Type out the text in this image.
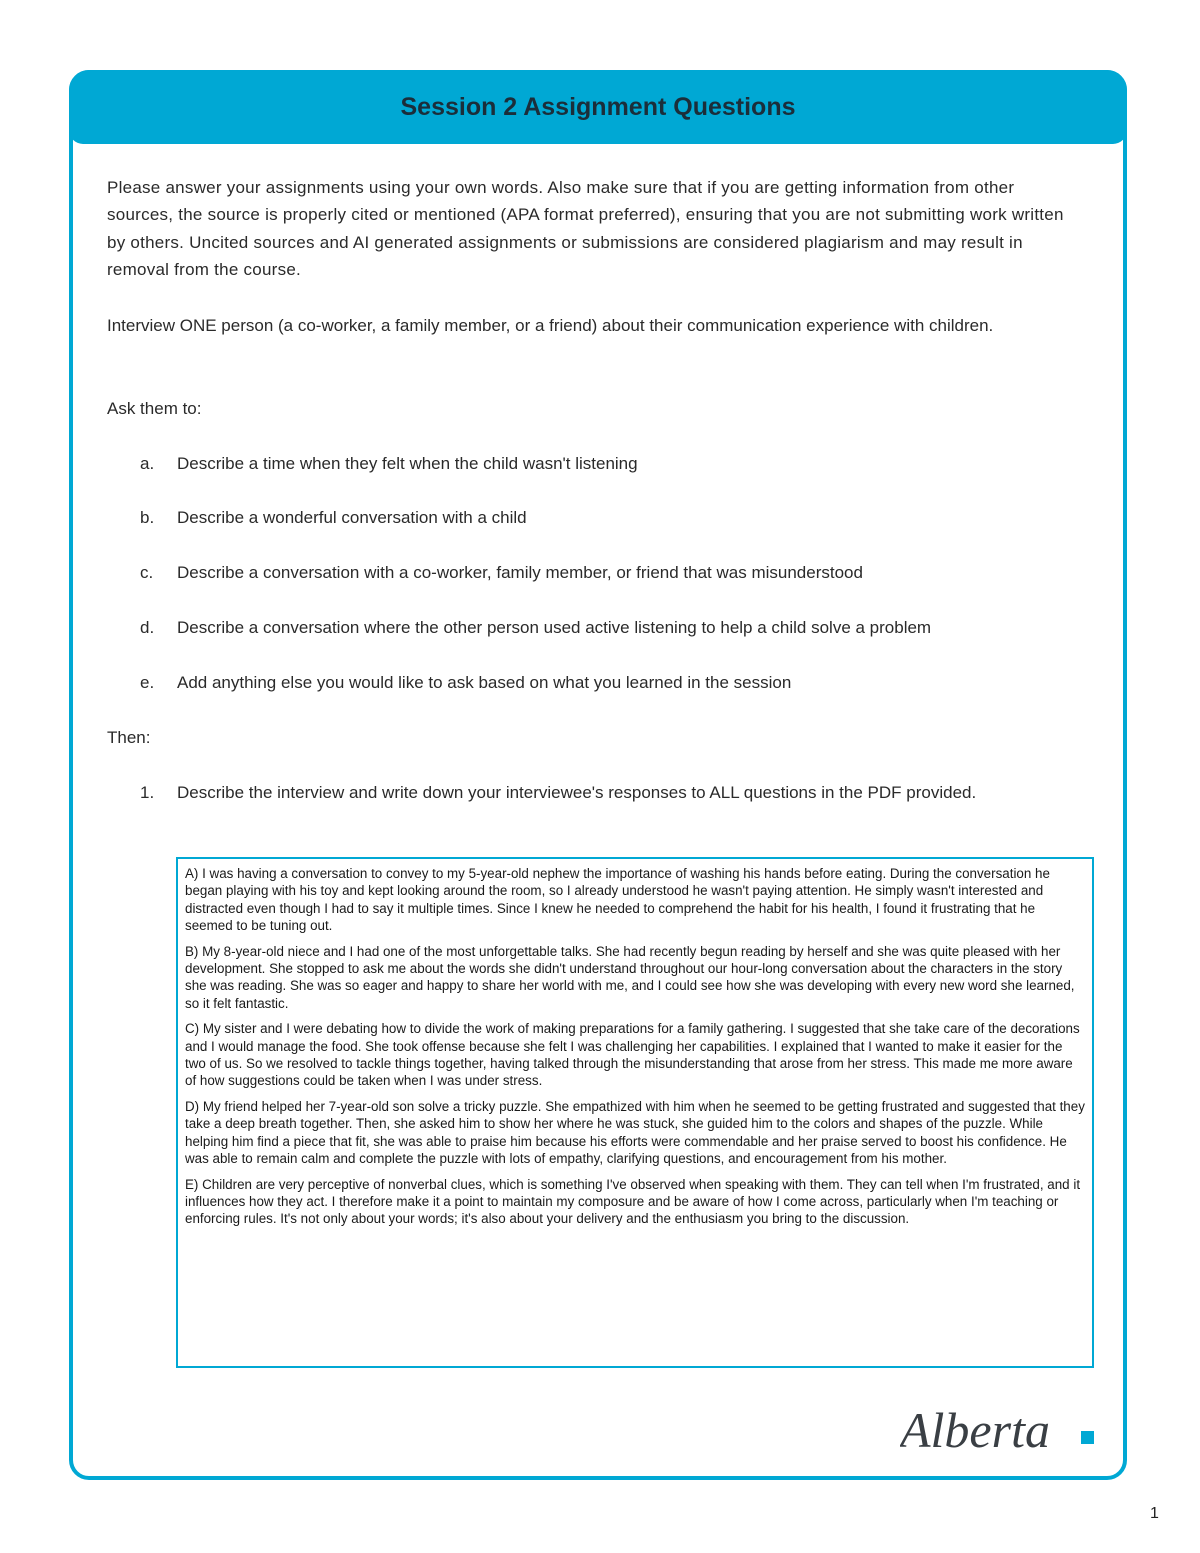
Session 2 Assignment Questions
Please answer your assignments using your own words. Also make sure that if you are getting information from other sources, the source is properly cited or mentioned (APA format preferred), ensuring that you are not submitting work written by others. Uncited sources and AI generated assignments or submissions are considered plagiarism and may result in removal from the course.
Interview ONE person (a co-worker, a family member, or a friend) about their communication experience with children.
Ask them to:
a. Describe a time when they felt when the child wasn't listening
b. Describe a wonderful conversation with a child
c. Describe a conversation with a co-worker, family member, or friend that was misunderstood
d. Describe a conversation where the other person used active listening to help a child solve a problem
e. Add anything else you would like to ask based on what you learned in the session
Then:
1. Describe the interview and write down your interviewee's responses to ALL questions in the PDF provided.

A) I was having a conversation to convey to my 5-year-old nephew the importance of washing his hands before eating. During the conversation he began playing with his toy and kept looking around the room, so I already understood he wasn't paying attention. He simply wasn't interested and distracted even though I had to say it multiple times. Since I knew he needed to comprehend the habit for his health, I found it frustrating that he seemed to be tuning out.

B) My 8-year-old niece and I had one of the most unforgettable talks. She had recently begun reading by herself and she was quite pleased with her development. She stopped to ask me about the words she didn't understand throughout our hour-long conversation about the characters in the story she was reading. She was so eager and happy to share her world with me, and I could see how she was developing with every new word she learned, so it felt fantastic.

C) My sister and I were debating how to divide the work of making preparations for a family gathering. I suggested that she take care of the decorations and I would manage the food. She took offense because she felt I was challenging her capabilities. I explained that I wanted to make it easier for the two of us. So we resolved to tackle things together, having talked through the misunderstanding that arose from her stress. This made me more aware of how suggestions could be taken when I was under stress.

D) My friend helped her 7-year-old son solve a tricky puzzle. She empathized with him when he seemed to be getting frustrated and suggested that they take a deep breath together. Then, she asked him to show her where he was stuck, she guided him to the colors and shapes of the puzzle. While helping him find a piece that fit, she was able to praise him because his efforts were commendable and her praise served to boost his confidence. He was able to remain calm and complete the puzzle with lots of empathy, clarifying questions, and encouragement from his mother.

E) Children are very perceptive of nonverbal clues, which is something I've observed when speaking with them. They can tell when I'm frustrated, and it influences how they act. I therefore make it a point to maintain my composure and be aware of how I come across, particularly when I'm teaching or enforcing rules. It's not only about your words; it's also about your delivery and the enthusiasm you bring to the discussion.

Alberta
1
